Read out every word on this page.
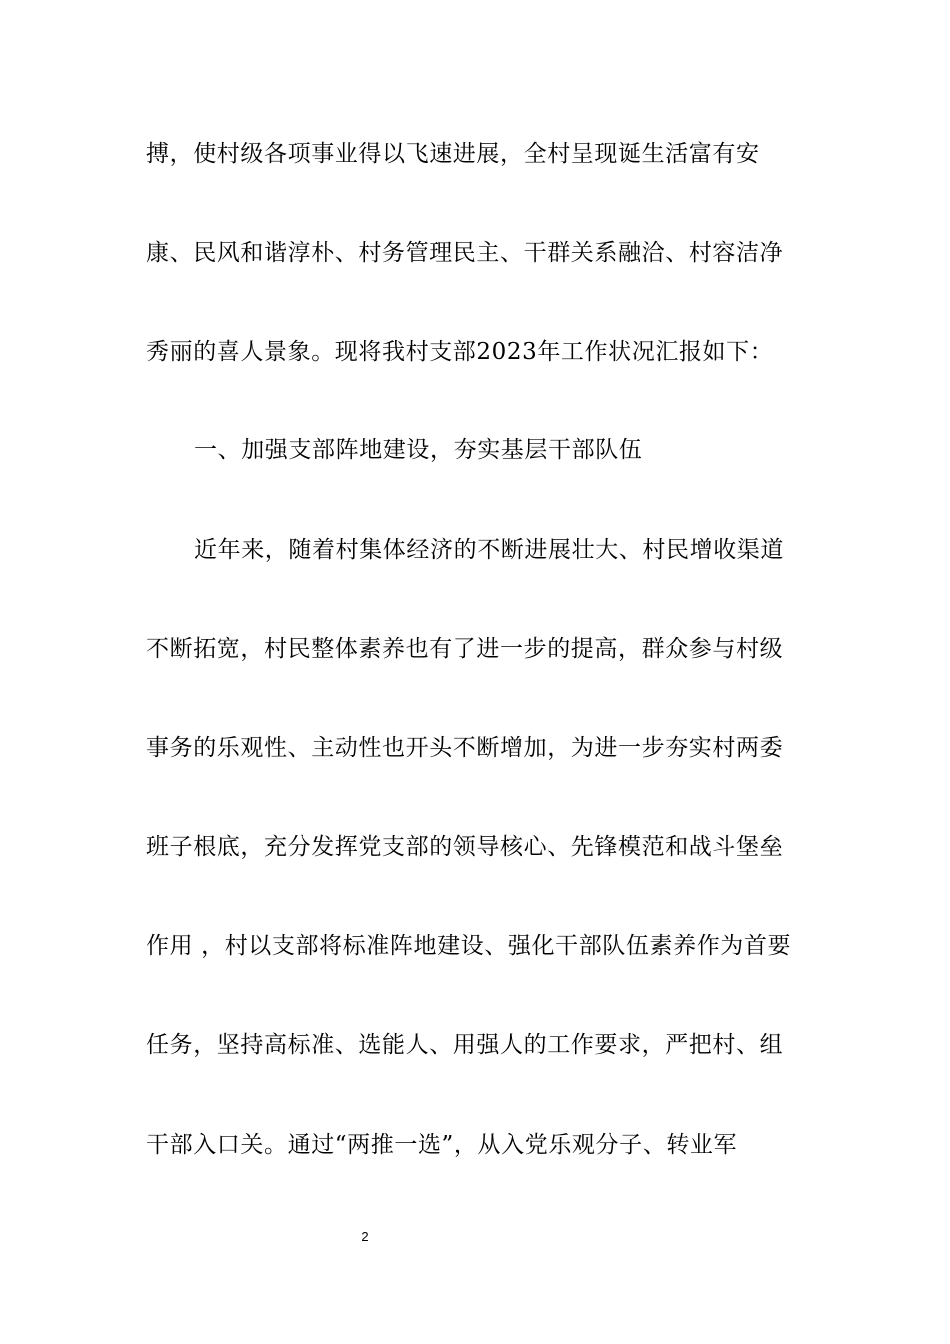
搏，使村级各项事业得以飞速进展，全村呈现诞生活富有安
康、民风和谐淳朴、村务管理民主、干群关系融洽、村容洁净
秀丽的喜人景象。现将我村支部2023年工作状况汇报如下：
一、加强支部阵地建设，夯实基层干部队伍
近年来，随着村集体经济的不断进展壮大、村民增收渠道
不断拓宽，村民整体素养也有了进一步的提高，群众参与村级
事务的乐观性、主动性也开头不断增加，为进一步夯实村两委
班子根底，充分发挥党支部的领导核心、先锋模范和战斗堡垒
作用 ，村以支部将标准阵地建设、强化干部队伍素养作为首要
任务，坚持高标准、选能人、用强人的工作要求，严把村、组
干部入口关。通过“两推一选”，从入党乐观分子、转业军
2
